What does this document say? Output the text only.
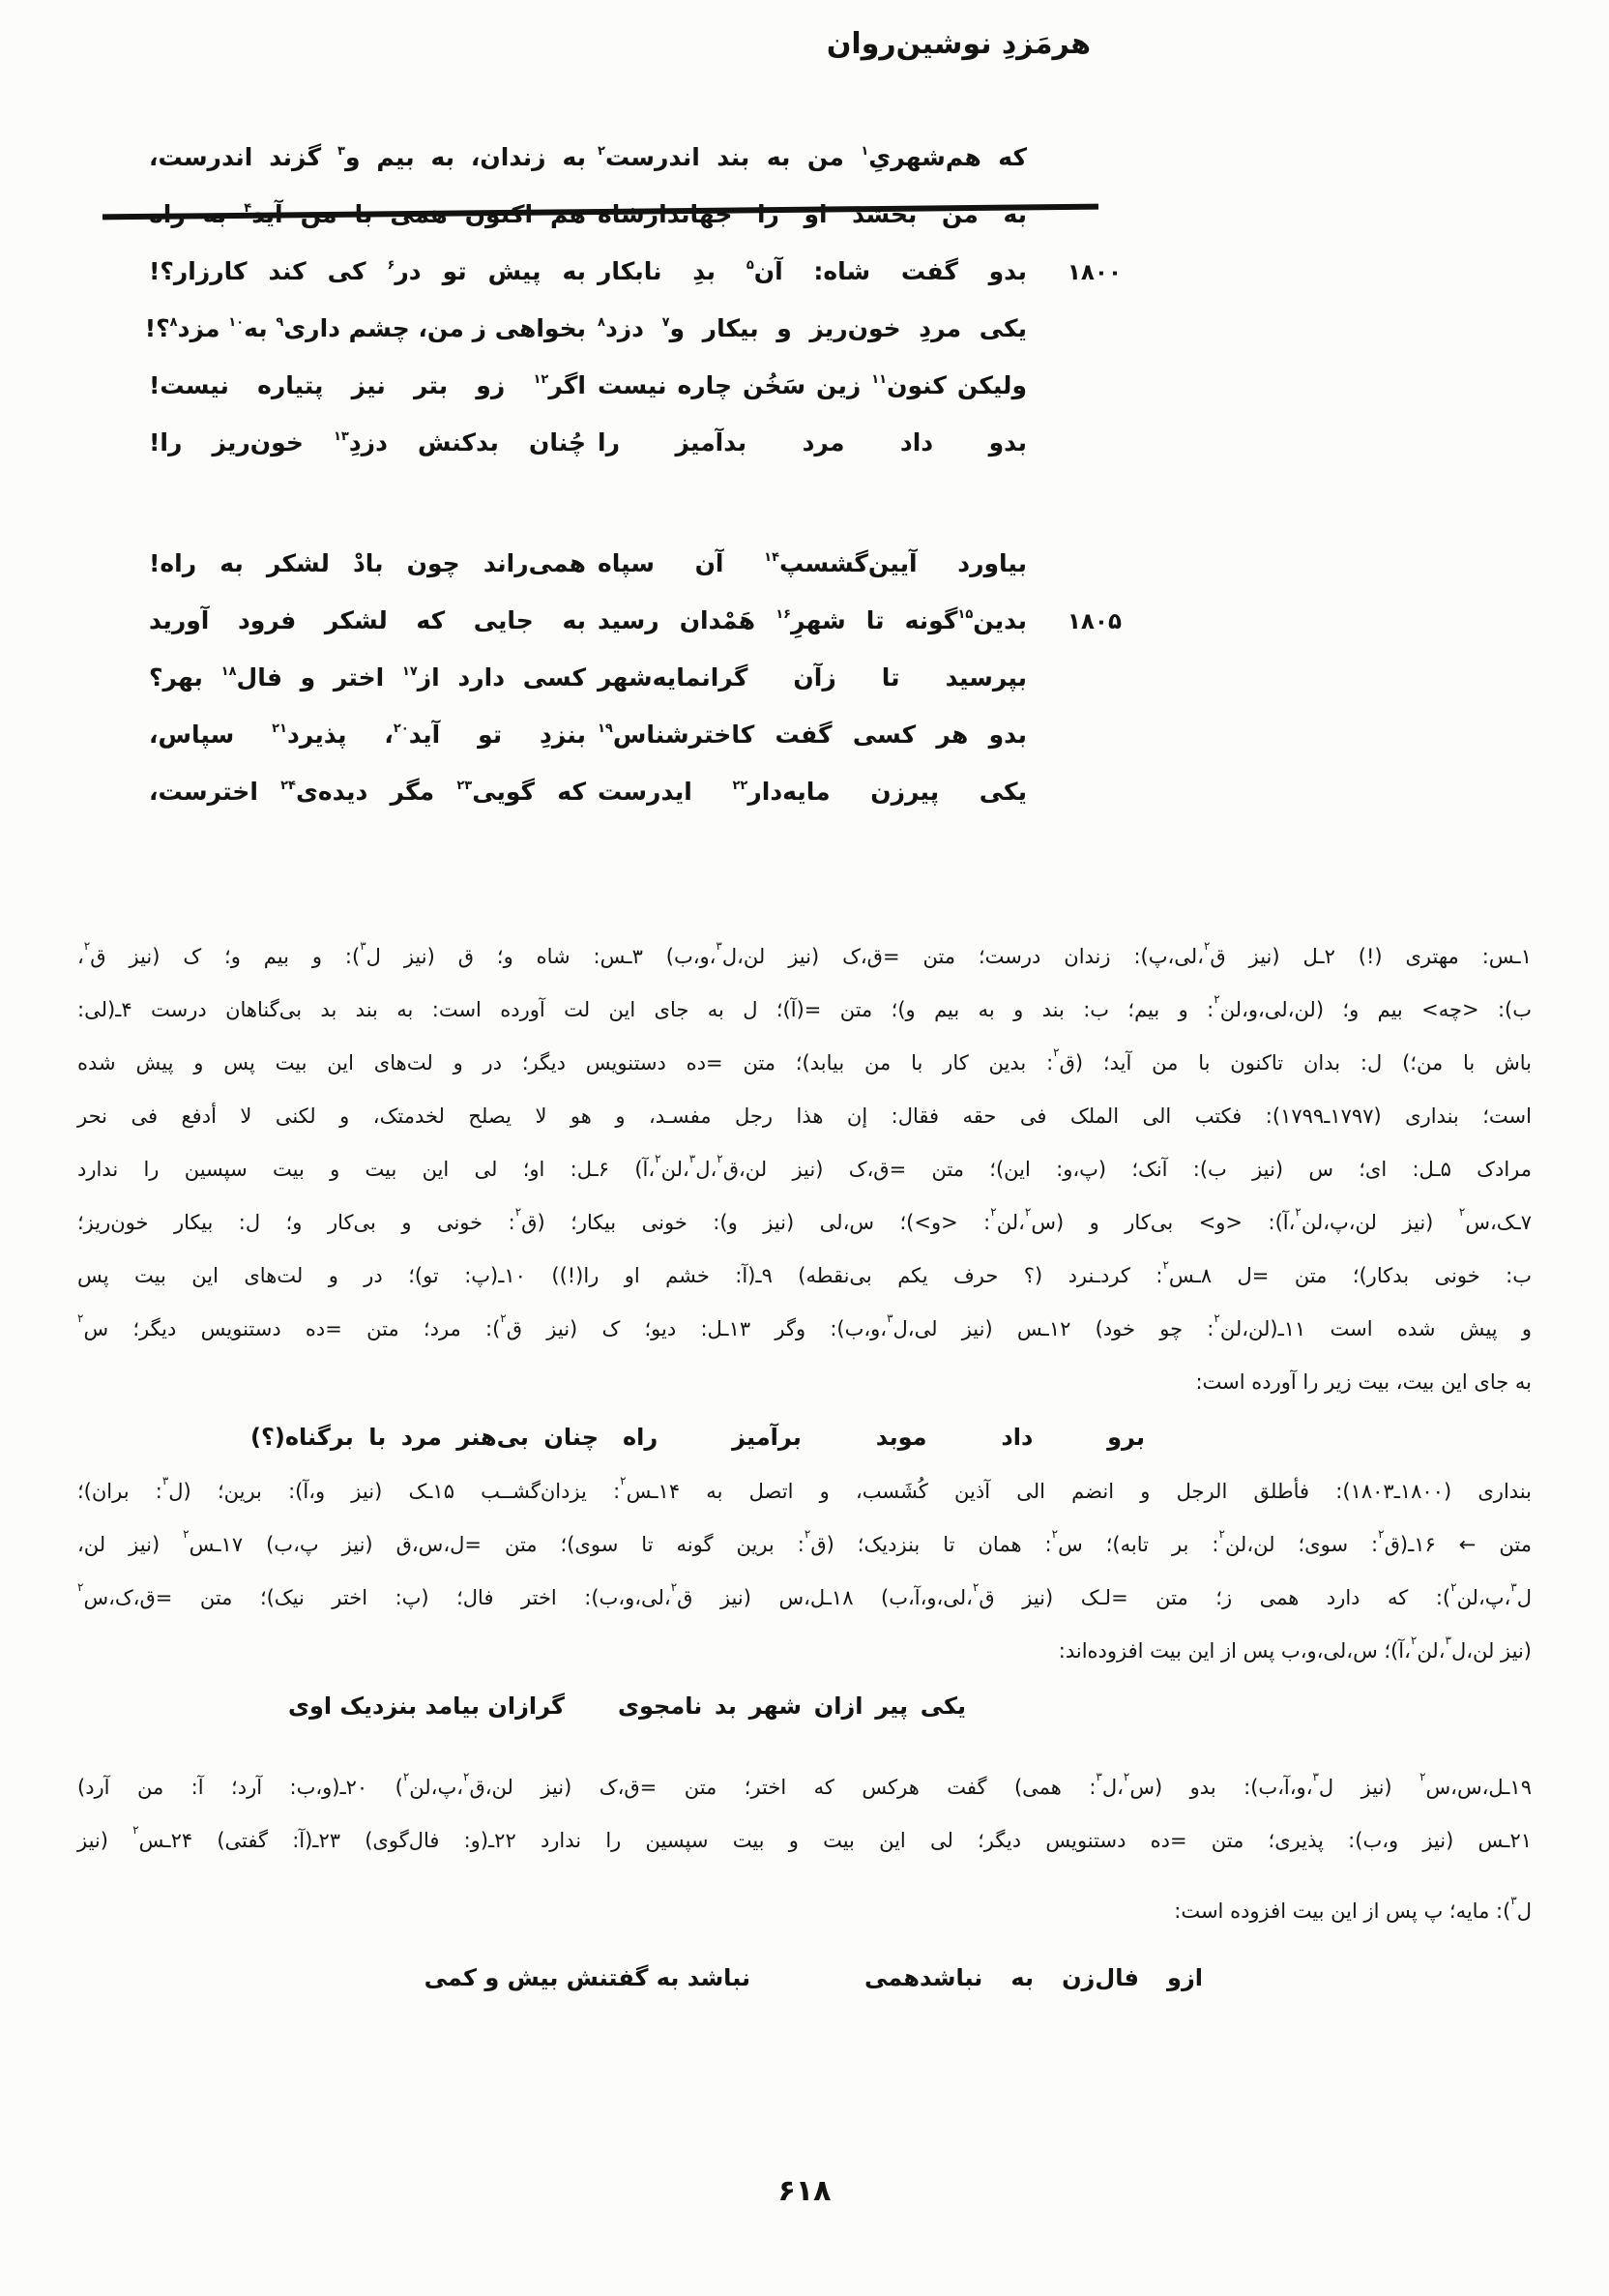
هرمَزدِ نوشین‌روان
که هم‌شهریِ$^۱$ من به بند اندرست$^۲$
به زندان، به بیم و$^۳$ گزند اندرست،
به من بخشد او را جهاندارشاه
هم اکنون همی با من آید$^۴$ به راه
۱۸۰۰
بدو گفت شاه: آن$^۵$ بدِ نابکار
به پیش تو در$^۶$ کی کند کارزار؟!
یکی مردِ خون‌ریز و بیکار و$^۷$ دزد$^۸$
بخواهی ز من، چشم داری$^۹$ به$^{۱۰}$ مزد$^۸$؟!
ولیکن کنون$^{۱۱}$ زین سَخُن چاره نیست
اگر$^{۱۲}$ زو بتر نیز پتیاره نیست!
بدو داد مرد بدآمیز را
چُنان بدکنش دزدِ$^{۱۳}$ خون‌ریز را!
بیاورد آیین‌گشسپ$^{۱۴}$ آن سپاه
همی‌راند چون بادْ لشکر به راه!
۱۸۰۵
بدین$^{۱۵}$گونه تا شهرِ$^{۱۶}$ هَمْدان رسید
به جایی که لشکر فرود آورید
بپرسید تا زآن گرانمایه‌شهر
کسی دارد از$^{۱۷}$ اختر و فال$^{۱۸}$ بهر؟
بدو هر کسی گفت کاخترشناس$^{۱۹}$
بنزدِ تو آید$^{۲۰}$، پذیرد$^{۲۱}$ سپاس،
یکی پیرزن مایه‌دار$^{۲۲}$ ایدرست
که گویی$^{۲۳}$ مگر دیده‌ی$^{۲۴}$ اخترست،
۱ـس: مهتری (!) ۲ـل (نیز ق$^۲$،لی،پ): زندان درست؛ متن =ق،ک (نیز لن،ل$^۳$،و،ب) ۳ـس: شاه و؛ ق (نیز ل$^۳$): و بیم و؛ ک (نیز ق$^۲$،
ب): <چه> بیم و؛ (لن،لی،و،لن$^۲$: و بیم؛ ب: بند و به بیم و)؛ متن =(آ)؛ ل به جای این لت آورده است: به بند بد بی‌گناهان درست ۴ـ(لی:
باش با من؛) ل: بدان تاکنون با من آید؛ (ق$^۲$: بدین کار با من بیابد)؛ متن =ده دستنویس دیگر؛ در و لت‌های این بیت پس و پیش شده
است؛ بنداری (۱۷۹۷ـ۱۷۹۹): فکتب الی الملک فی حقه فقال: إن هذا رجل مفسـد، و هو لا یصلح لخدمتک، و لکنی لا أدفع فی نحر
مرادک ۵ـل: ای؛ س (نیز ب): آنک؛ (پ،و: این)؛ متن =ق،ک (نیز لن،ق$^۲$،ل$^۳$،لن$^۲$،آ) ۶ـل: او؛ لی این بیت و بیت سپسین را ندارد
۷ـک،س$^۲$ (نیز لن،پ،لن$^۲$،آ): <و> بی‌کار و (س$^۲$،لن$^۲$: <و>)؛ س،لی (نیز و): خونی بیکار؛ (ق$^۲$: خونی و بی‌کار و؛ ل: بیکار خون‌ریز؛
ب: خونی بدکار)؛ متن =ل ۸ـس$^۲$: کردـنرد (؟ حرف یکم بی‌نقطه) ۹ـ(آ: خشم او را(!)) ۱۰ـ(پ: تو)؛ در و لت‌های این بیت پس
و پیش شده است ۱۱ـ(لن،لن$^۲$: چو خود) ۱۲ـس (نیز لی،ل$^۳$،و،ب): وگر ۱۳ـل: دیو؛ ک (نیز ق$^۲$): مرد؛ متن =ده دستنویس دیگر؛ س$^۲$
به جای این بیت، بیت زیر را آورده است:
برو داد موبد برآمیز راه
چنان بی‌هنر مرد با برگناه(؟)
بنداری (۱۸۰۰ـ۱۸۰۳): فأطلق الرجل و انضم الی آذین کُشَسب، و اتصل به ۱۴ـس$^۲$: یزدان‌گشــب ۱۵ـک (نیز و،آ): برین؛ (ل$^۳$: بران)؛
متن ← ۱۶ـ(ق$^۲$: سوی؛ لن،لن$^۲$: بر تابه)؛ س$^۲$: همان تا بنزدیک؛ (ق$^۲$: برین گونه تا سوی)؛ متن =ل،س،ق (نیز پ،ب) ۱۷ـس$^۲$ (نیز لن،
ل$^۳$،پ،لن$^۲$): که دارد همی ز؛ متن =لـک (نیز ق$^۲$،لی،و،آ،ب) ۱۸ـل،س (نیز ق$^۲$،لی،و،ب): اختر فال؛ (پ: اختر نیک)؛ متن =ق،ک،س$^۲$
(نیز لن،ل$^۳$،لن$^۲$،آ)؛ س،لی،و،ب پس از این بیت افزوده‌اند:
یکی پیر ازان شهر بد نامجوی
گرازان بیامد بنزدیک اوی
۱۹ـل،س،س$^۲$ (نیز ل$^۳$،و،آ،ب): بدو (س$^۲$،ل$^۳$: همی) گفت هرکس که اختر؛ متن =ق،ک (نیز لن،ق$^۲$،پ،لن$^۲$) ۲۰ـ(و،ب: آرد؛ آ: من آرد)
۲۱ـس (نیز و،ب): پذیری؛ متن =ده دستنویس دیگر؛ لی این بیت و بیت سپسین را ندارد ۲۲ـ(و: فال‌گوی) ۲۳ـ(آ: گفتی) ۲۴ـس$^۲$ (نیز
ل$^۳$): مایه؛ پ پس از این بیت افزوده است:
ازو فال‌زن به نباشدهمی
نباشد به گفتنش بیش و کمی
۶۱۸
